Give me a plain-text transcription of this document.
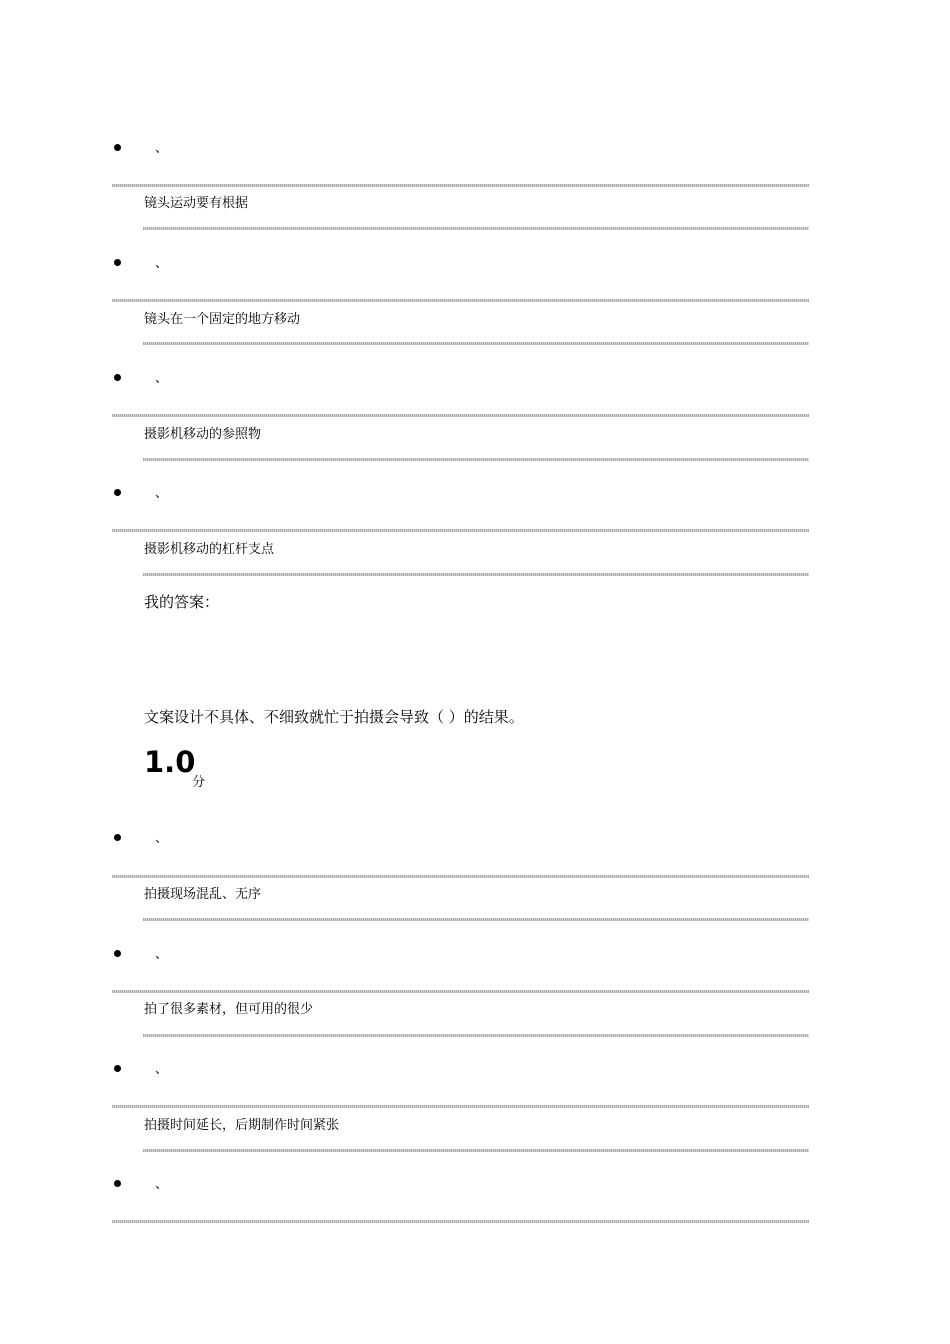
、
镜头运动要有根据
、
镜头在一个固定的地方移动
、
摄影机移动的参照物
、
摄影机移动的杠杆支点
我的答案：
文案设计不具体、不细致就忙于拍摄会导致（ ）的结果。
1.0
分
、
拍摄现场混乱、无序
、
拍了很多素材，但可用的很少
、
拍摄时间延长，后期制作时间紧张
、
